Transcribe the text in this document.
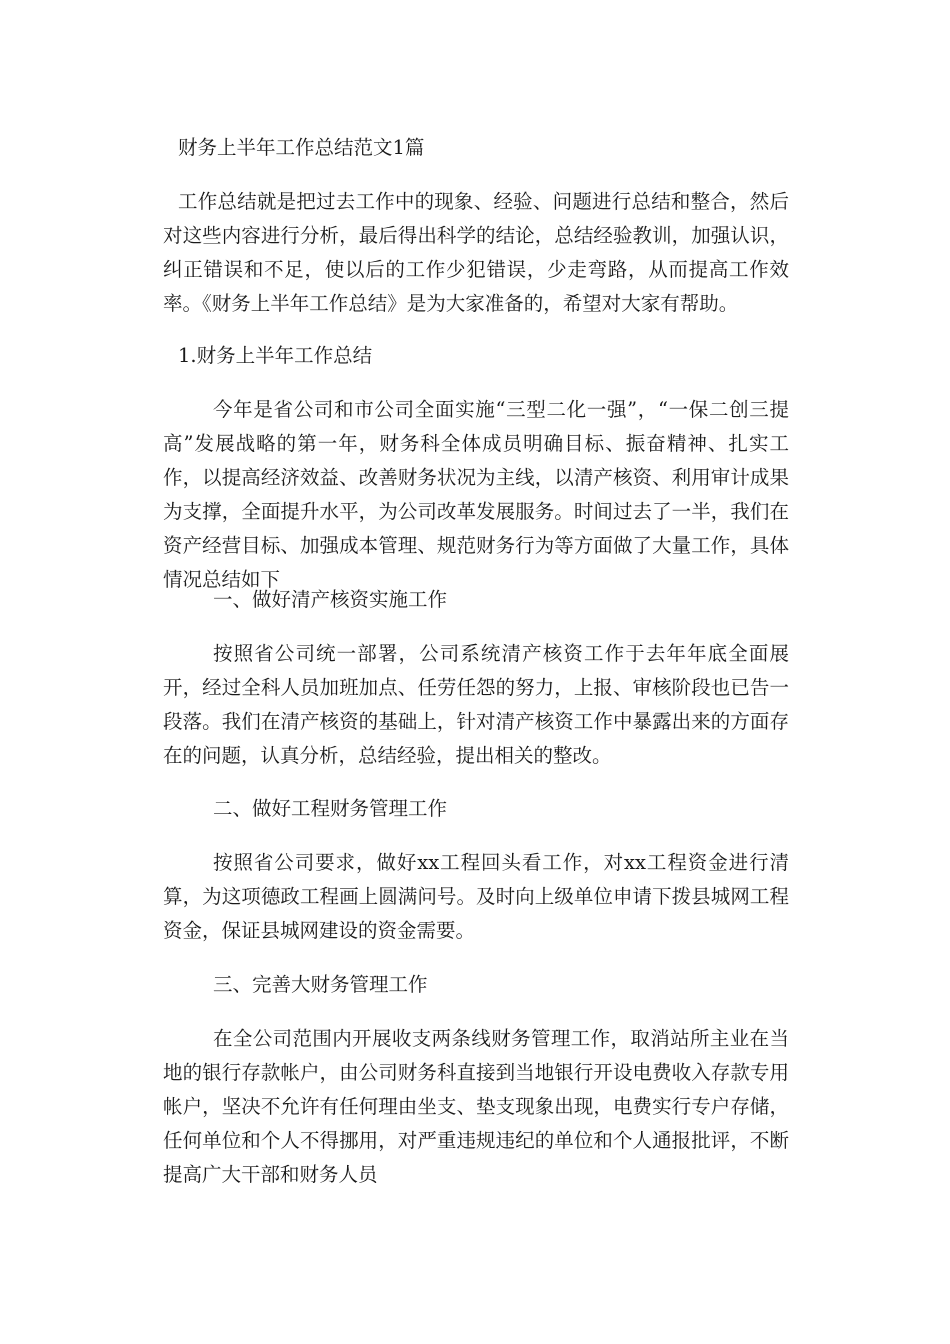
财务上半年工作总结范文1篇
工作总结就是把过去工作中的现象、经验、问题进行总结和整合，然后对这些内容进行分析，最后得出科学的结论，总结经验教训，加强认识，纠正错误和不足，使以后的工作少犯错误，少走弯路，从而提高工作效率。《财务上半年工作总结》是为大家准备的，希望对大家有帮助。
1.财务上半年工作总结
今年是省公司和市公司全面实施“三型二化一强”，“一保二创三提高”发展战略的第一年，财务科全体成员明确目标、振奋精神、扎实工作，以提高经济效益、改善财务状况为主线，以清产核资、利用审计成果为支撑，全面提升水平，为公司改革发展服务。时间过去了一半，我们在资产经营目标、加强成本管理、规范财务行为等方面做了大量工作，具体情况总结如下
一、做好清产核资实施工作
按照省公司统一部署，公司系统清产核资工作于去年年底全面展开，经过全科人员加班加点、任劳任怨的努力，上报、审核阶段也已告一段落。我们在清产核资的基础上，针对清产核资工作中暴露出来的方面存在的问题，认真分析，总结经验，提出相关的整改。
二、做好工程财务管理工作
按照省公司要求，做好xx工程回头看工作，对xx工程资金进行清算，为这项德政工程画上圆满问号。及时向上级单位申请下拨县城网工程资金，保证县城网建设的资金需要。
三、完善大财务管理工作
在全公司范围内开展收支两条线财务管理工作，取消站所主业在当地的银行存款帐户，由公司财务科直接到当地银行开设电费收入存款专用帐户，坚决不允许有任何理由坐支、垫支现象出现，电费实行专户存储，任何单位和个人不得挪用，对严重违规违纪的单位和个人通报批评，不断提高广大干部和财务人员
